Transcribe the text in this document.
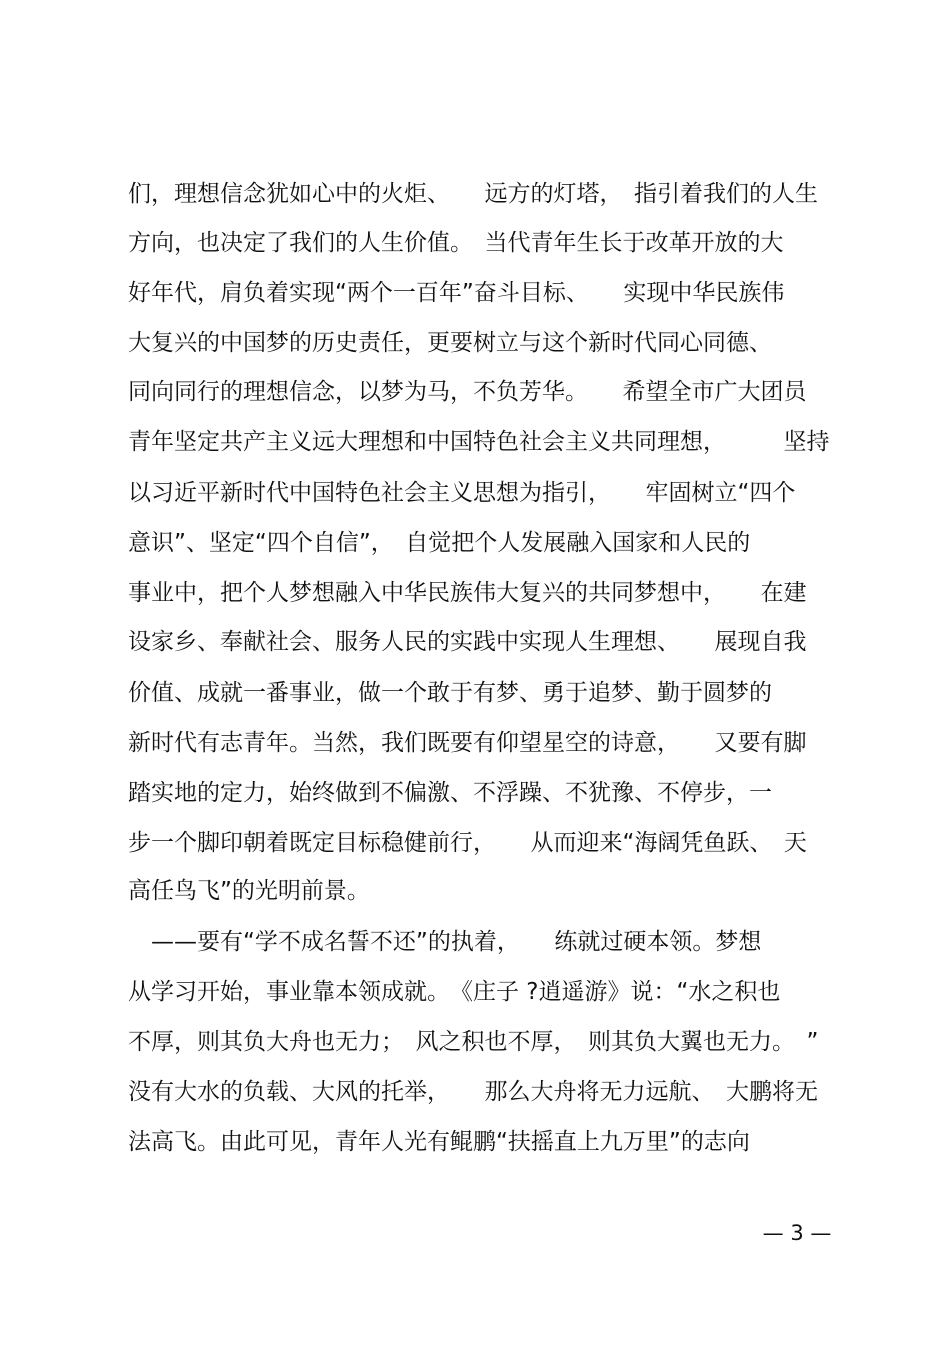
们，理想信念犹如心中的火炬、　　远方的灯塔，　指引着我们的人生
方向，也决定了我们的人生价值。　当代青年生长于改革开放的大
好年代，肩负着实现“两个一百年”奋斗目标、　　实现中华民族伟
大复兴的中国梦的历史责任，更要树立与这个新时代同心同德、
同向同行的理想信念，以梦为马，不负芳华。　　希望全市广大团员
青年坚定共产主义远大理想和中国特色社会主义共同理想，　　　坚持
以习近平新时代中国特色社会主义思想为指引，　　牢固树立“四个
意识”、坚定“四个自信”，　自觉把个人发展融入国家和人民的
事业中，把个人梦想融入中华民族伟大复兴的共同梦想中，　　在建
设家乡、奉献社会、服务人民的实践中实现人生理想、　　展现自我
价值、成就一番事业，做一个敢于有梦、勇于追梦、勤于圆梦的
新时代有志青年。当然，我们既要有仰望星空的诗意，　　又要有脚
踏实地的定力，始终做到不偏激、不浮躁、不犹豫、不停步，一
步一个脚印朝着既定目标稳健前行，　　从而迎来“海阔凭鱼跃、　天
高任鸟飞”的光明前景。
　——要有“学不成名誓不还”的执着，　　练就过硬本领。梦想
从学习开始，事业靠本领成就。　《庄子 ?逍遥游》说：“水之积也
不厚，则其负大舟也无力；　风之积也不厚，　则其负大翼也无力。　”
没有大水的负载、大风的托举，　　那么大舟将无力远航、　大鹏将无
法高飞。由此可见，青年人光有鲲鹏“扶摇直上九万里”的志向
— 3 —
